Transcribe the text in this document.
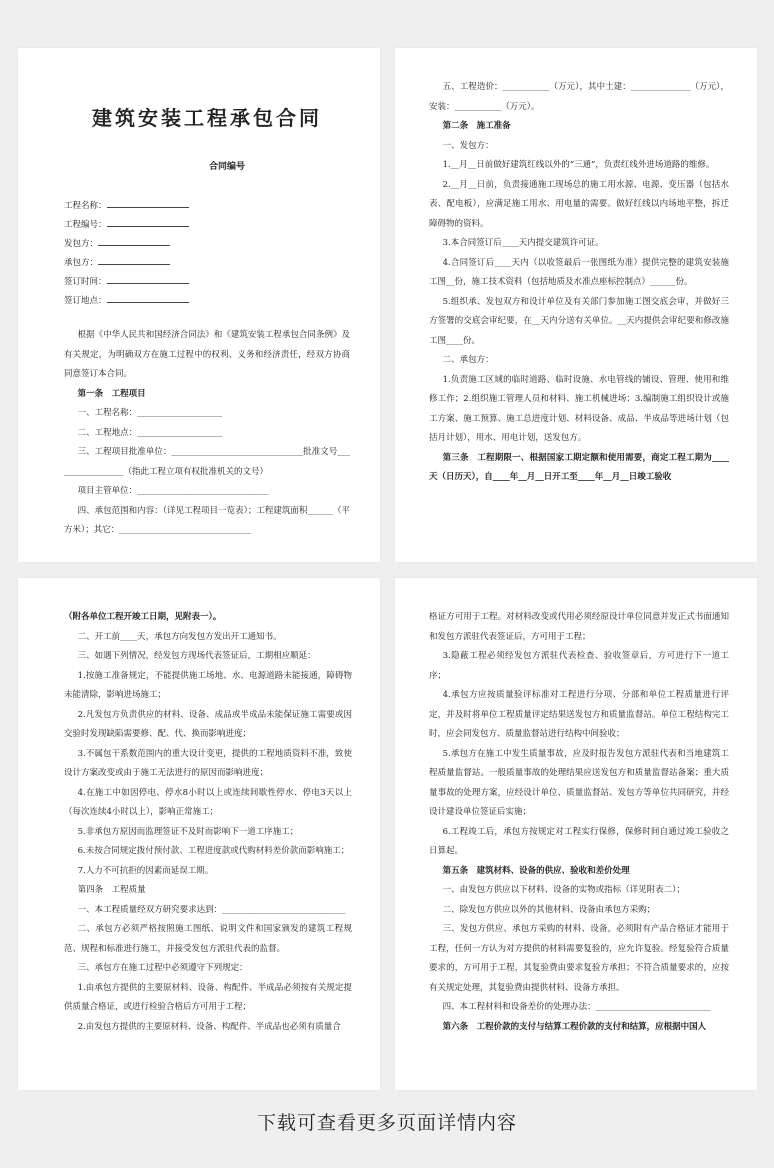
建筑安装工程承包合同
合同编号
工程名称：
工程编号：
发包方：
承包方：
签订时间：
签订地点：

根据《中华人民共和国经济合同法》和《建筑安装工程承包合同条例》及有关规定，为明确双方在施工过程中的权利、义务和经济责任，经双方协商同意签订本合同。

第一条　工程项目

一、工程名称：____________________

二、工程地点：____________________

三、工程项目批准单位：_______________________________批准文号_________________（指此工程立项有权批准机关的文号）

项目主管单位：_______________________________

四、承包范围和内容：（详见工程项目一览表）；工程建筑面积______（平方米）；其它：_______________________________

五、工程造价：___________（万元），其中土建：______________（万元），安装：___________（万元）。

第二条　施工准备

一、发包方：

1.__月__日前做好建筑红线以外的“三通”，负责红线外进场道路的维修。

2.__月__日前，负责接通施工现场总的施工用水源、电源、变压器（包括水表、配电板），应满足施工用水、用电量的需要。做好红线以内场地平整，拆迁障碍物的资料。

3.本合同签订后____天内提交建筑许可证。

4.合同签订后____天内（以收签最后一张图纸为准）提供完整的建筑安装施工图__份，施工技术资料（包括地质及水准点座标控制点）______份。

5.组织承、发包双方和设计单位及有关部门参加施工图交底会审，并做好三方签署的交底会审纪要，在__天内分送有关单位。__天内提供会审纪要和修改施工图____份。

二、承包方：

1.负责施工区域的临时道路、临时设施、水电管线的铺设、管理、使用和维修工作；2.组织施工管理人员和材料、施工机械进场；3.编制施工组织设计或施工方案、施工预算、施工总进度计划、材料设备、成品、半成品等进场计划（包括月计划），用水、用电计划，送发包方。

第三条　工程期限一、根据国家工期定额和使用需要，商定工程工期为____天（日历天），自____年__月__日开工至____年__月__日竣工验收

（附各单位工程开竣工日期，见附表一）。

二、开工前____天，承包方向发包方发出开工通知书。

三、如遇下列情况，经发包方现场代表签证后，工期相应顺延：

1.按施工准备规定，不能提供施工场地、水、电源道路未能接通，障碍物未能清除，影响进场施工；

2.凡发包方负责供应的材料、设备、成品或半成品未能保证施工需要或因交验时发现缺陷需要修、配、代、换而影响进度；

3.不属包干系数范围内的重大设计变更，提供的工程地质资料不准，致使设计方案改变或由于施工无法进行的原因而影响进度；

4.在施工中如因停电、停水8小时以上或连续间歇性停水、停电3天以上（每次连续4小时以上），影响正常施工；

5.非承包方原因而监理签证不及时而影响下一道工序施工；

6.未按合同规定拨付预付款、工程进度款或代购材料差价款而影响施工；

7.人力不可抗拒的因素而延误工期。

第四条　工程质量

一、本工程质量经双方研究要求达到：_____________________________

二、承包方必须严格按照施工图纸、说明文件和国家颁发的建筑工程规范、规程和标准进行施工，并接受发包方派驻代表的监督。

三、承包方在施工过程中必须遵守下列规定：

1.由承包方提供的主要原材料、设备、构配件、半成品必须按有关规定提供质量合格证，或进行检验合格后方可用于工程；

2.由发包方提供的主要原材料、设备、构配件、半成品也必须有质量合

格证方可用于工程。对材料改变或代用必须经原设计单位同意并发正式书面通知和发包方派驻代表签证后，方可用于工程；

3.隐蔽工程必须经发包方派驻代表检查、验收签章后，方可进行下一道工序；

4.承包方应按质量验评标准对工程进行分项、分部和单位工程质量进行评定，并及时将单位工程质量评定结果送发包方和质量监督站。单位工程结构完工时，应会同发包方、质量监督站进行结构中间验收；

5.承包方在施工中发生质量事故，应及时报告发包方派驻代表和当地建筑工程质量监督站。一般质量事故的处理结果应送发包方和质量监督站备案；重大质量事故的处理方案，应经设计单位、质量监督站、发包方等单位共同研究，并经设计建设单位签证后实施；

6.工程竣工后，承包方按规定对工程实行保修，保修时间自通过竣工验收之日算起。

第五条　建筑材料、设备的供应、验收和差价处理

一、由发包方供应以下材料、设备的实物或指标（详见附表二）；

二、除发包方供应以外的其他材料、设备由承包方采购；

三、发包方供应、承包方采购的材料、设备，必须附有产品合格证才能用于工程，任何一方认为对方提供的材料需要复验的，应允许复验。经复验符合质量要求的，方可用于工程，其复验费由要求复验方承担；不符合质量要求的，应按有关规定处理，其复验费由提供材料、设备方承担。

四、本工程材料和设备差价的处理办法：___________________________

第六条　工程价款的支付与结算工程价款的支付和结算，应根据中国人

下载可查看更多页面详情内容
